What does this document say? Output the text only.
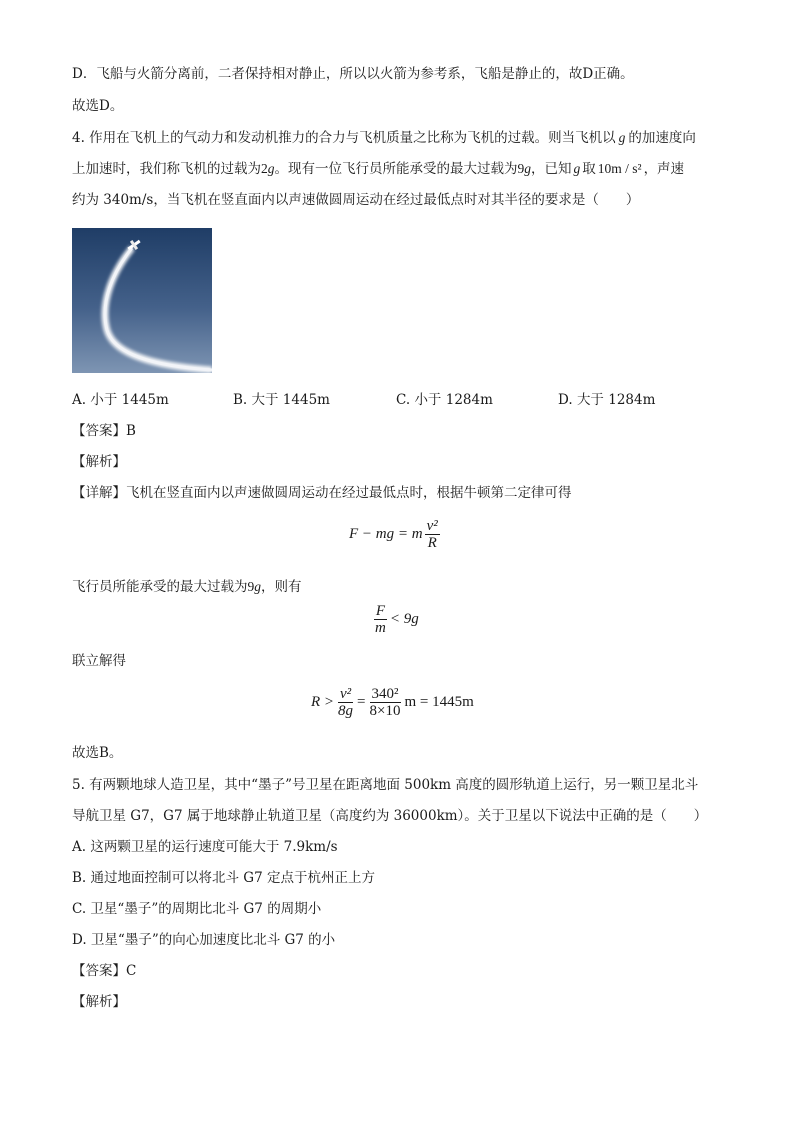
D．飞船与火箭分离前，二者保持相对静止，所以以火箭为参考系，飞船是静止的，故D正确。
故选D。
4. 作用在飞机上的气动力和发动机推力的合力与飞机质量之比称为飞机的过载。则当飞机以 g 的加速度向
上加速时，我们称飞机的过载为2g。现有一位飞行员所能承受的最大过载为9g，已知 g 取 10m / s² ，声速
约为 340m/s，当飞机在竖直面内以声速做圆周运动在经过最低点时对其半径的要求是（　　）
A. 小于 1445m	B. 大于 1445m	C. 小于 1284m	D. 大于 1284m
【答案】B
【解析】
【详解】飞机在竖直面内以声速做圆周运动在经过最低点时，根据牛顿第二定律可得
F − mg = m $\frac{\text{v²}}{R}$
飞行员所能承受的最大过载为9g，则有
$\frac{F}{m} < 9g$
联立解得
$R > \frac{\text{v²}}{8g} = \frac{\text{340²}}{8\times 10}$ m = 1445m
故选B。
5. 有两颗地球人造卫星，其中“墨子”号卫星在距离地面 500km 高度的圆形轨道上运行，另一颗卫星北斗
导航卫星 G7，G7 属于地球静止轨道卫星（高度约为 36000km）。关于卫星以下说法中正确的是（　　）
A. 这两颗卫星的运行速度可能大于 7.9km/s
B. 通过地面控制可以将北斗 G7 定点于杭州正上方
C. 卫星“墨子”的周期比北斗 G7 的周期小
D. 卫星“墨子”的向心加速度比北斗 G7 的小
【答案】C
【解析】
